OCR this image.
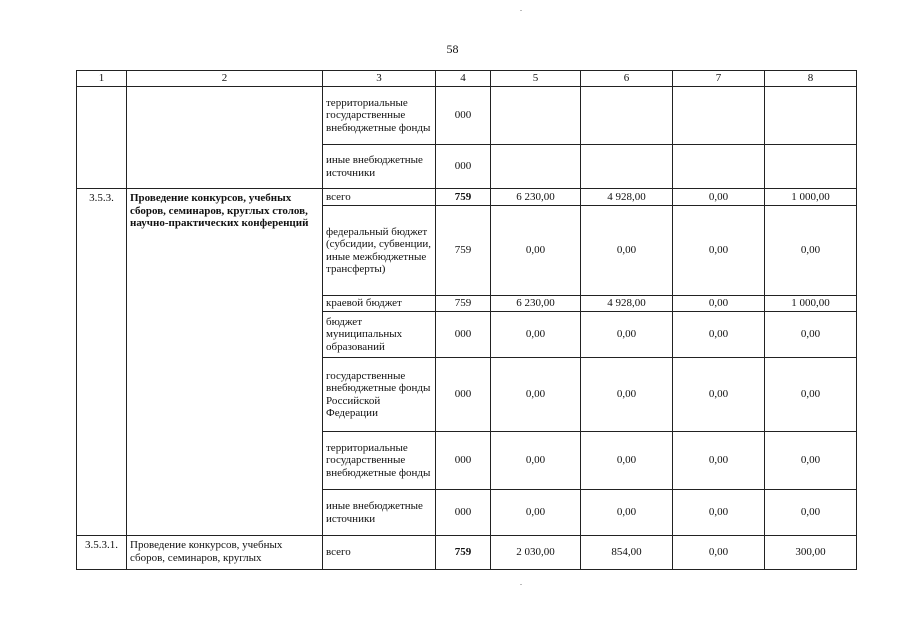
58
1	2	3	4	5	6	7	8
		территориальные государственные внебюджетные фонды	000				
		иные внебюджетные источники	000				
3.5.3.	Проведение конкурсов, учебных сборов, семинаров, круглых столов, научно-практических конференций	всего	759	6 230,00	4 928,00	0,00	1 000,00
		федеральный бюджет (субсидии, субвенции, иные межбюджетные трансферты)	759	0,00	0,00	0,00	0,00
		краевой бюджет	759	6 230,00	4 928,00	0,00	1 000,00
		бюджет муниципальных образований	000	0,00	0,00	0,00	0,00
		государственные внебюджетные фонды Российской Федерации	000	0,00	0,00	0,00	0,00
		территориальные государственные внебюджетные фонды	000	0,00	0,00	0,00	0,00
		иные внебюджетные источники	000	0,00	0,00	0,00	0,00
3.5.3.1.	Проведение конкурсов, учебных сборов, семинаров, круглых	всего	759	2 030,00	854,00	0,00	300,00
